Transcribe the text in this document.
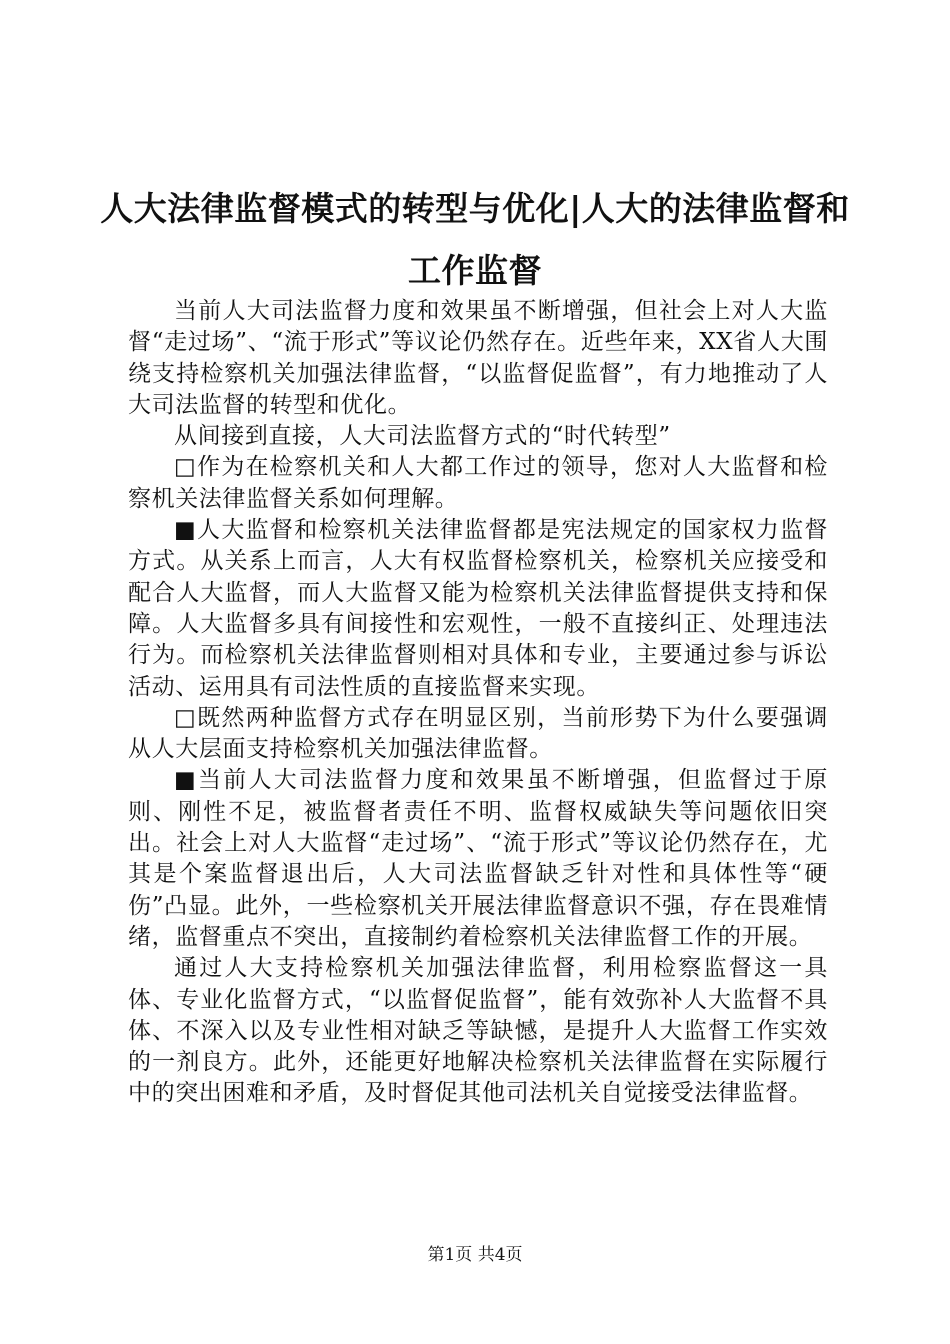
人大法律监督模式的转型与优化|人大的法律监督和工作监督

当前人大司法监督力度和效果虽不断增强，但社会上对人大监督“走过场”、“流于形式”等议论仍然存在。近些年来，XX省人大围绕支持检察机关加强法律监督，“以监督促监督”，有力地推动了人大司法监督的转型和优化。

从间接到直接，人大司法监督方式的“时代转型”

□作为在检察机关和人大都工作过的领导，您对人大监督和检察机关法律监督关系如何理解。

■人大监督和检察机关法律监督都是宪法规定的国家权力监督方式。从关系上而言，人大有权监督检察机关，检察机关应接受和配合人大监督，而人大监督又能为检察机关法律监督提供支持和保障。人大监督多具有间接性和宏观性，一般不直接纠正、处理违法行为。而检察机关法律监督则相对具体和专业，主要通过参与诉讼活动、运用具有司法性质的直接监督来实现。

□既然两种监督方式存在明显区别，当前形势下为什么要强调从人大层面支持检察机关加强法律监督。

■当前人大司法监督力度和效果虽不断增强，但监督过于原则、刚性不足，被监督者责任不明、监督权威缺失等问题依旧突出。社会上对人大监督“走过场”、“流于形式”等议论仍然存在，尤其是个案监督退出后，人大司法监督缺乏针对性和具体性等“硬伤”凸显。此外，一些检察机关开展法律监督意识不强，存在畏难情绪，监督重点不突出，直接制约着检察机关法律监督工作的开展。

通过人大支持检察机关加强法律监督，利用检察监督这一具体、专业化监督方式，“以监督促监督”，能有效弥补人大监督不具体、不深入以及专业性相对缺乏等缺憾，是提升人大监督工作实效的一剂良方。此外，还能更好地解决检察机关法律监督在实际履行中的突出困难和矛盾，及时督促其他司法机关自觉接受法律监督。

第1页 共4页
